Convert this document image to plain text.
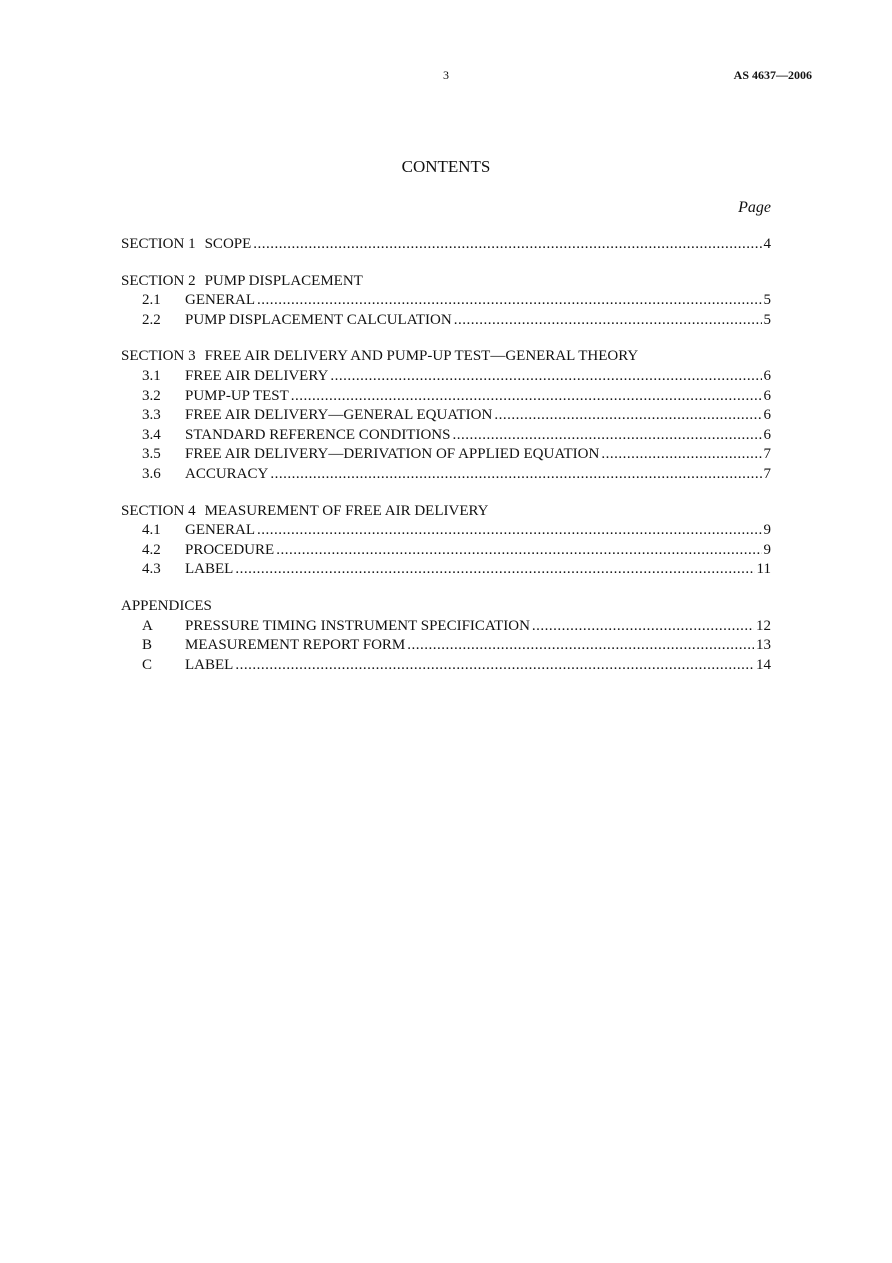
3	AS 4637—2006
CONTENTS
Page
SECTION 1 SCOPE .....	4
SECTION 2 PUMP DISPLACEMENT
2.1	GENERAL .....	5
2.2	PUMP DISPLACEMENT CALCULATION .....	5
SECTION 3 FREE AIR DELIVERY AND PUMP-UP TEST—GENERAL THEORY
3.1	FREE AIR DELIVERY .....	6
3.2	PUMP-UP TEST .....	6
3.3	FREE AIR DELIVERY—GENERAL EQUATION .....	6
3.4	STANDARD REFERENCE CONDITIONS .....	6
3.5	FREE AIR DELIVERY—DERIVATION OF APPLIED EQUATION .....	7
3.6	ACCURACY .....	7
SECTION 4 MEASUREMENT OF FREE AIR DELIVERY
4.1	GENERAL .....	9
4.2	PROCEDURE .....	9
4.3	LABEL .....	11
APPENDICES
A	PRESSURE TIMING INSTRUMENT SPECIFICATION .....	12
B	MEASUREMENT REPORT FORM .....	13
C	LABEL .....	14
